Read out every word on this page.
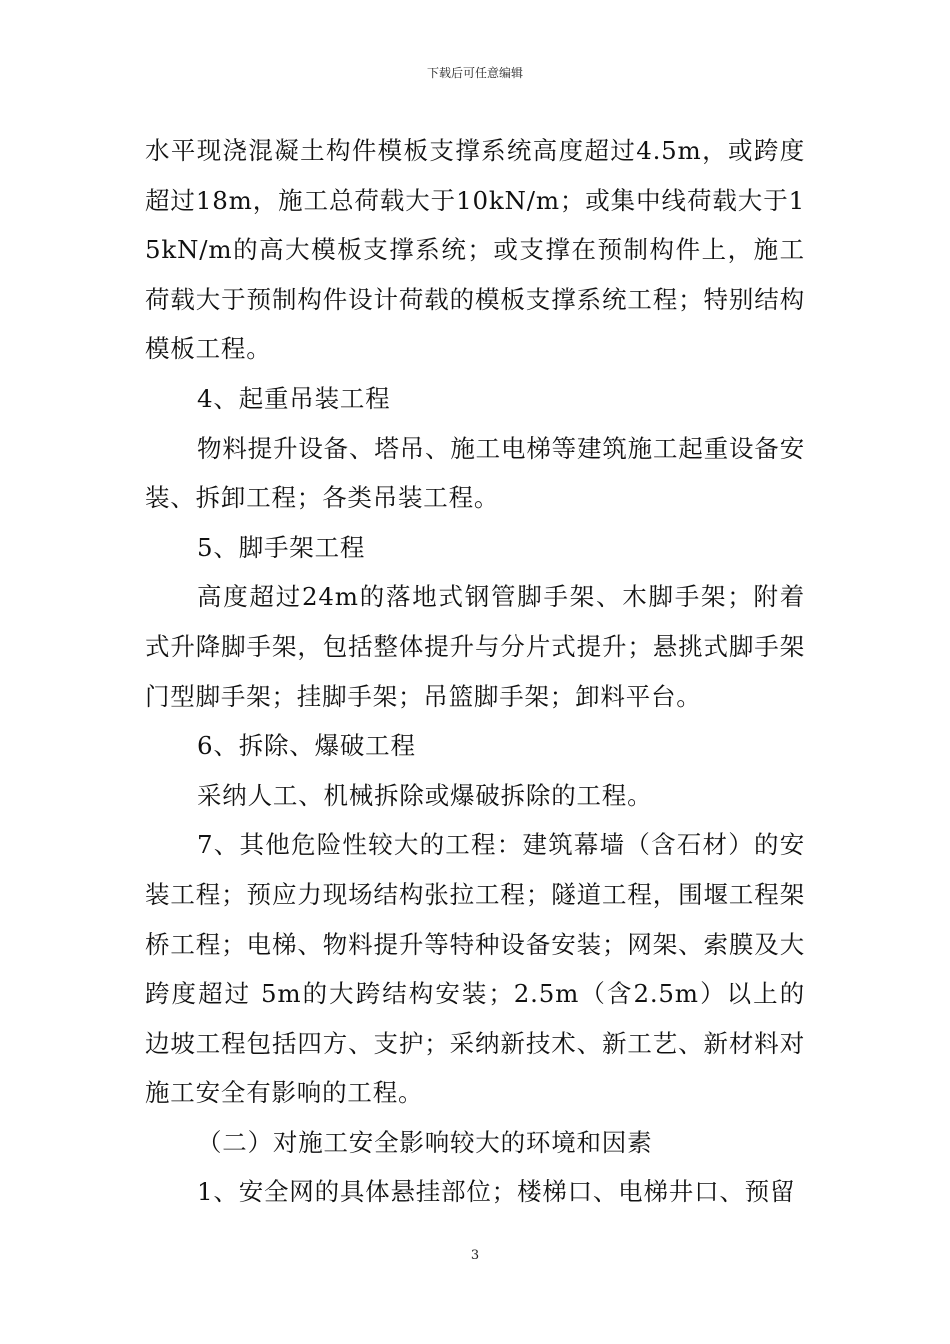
下载后可任意编辑

水平现浇混凝土构件模板支撑系统高度超过4.5m，或跨度超过18m，施工总荷载大于10kN/m；或集中线荷载大于15kN/m的高大模板支撑系统；或支撑在预制构件上，施工荷载大于预制构件设计荷载的模板支撑系统工程；特别结构模板工程。

4、起重吊装工程

物料提升设备、塔吊、施工电梯等建筑施工起重设备安装、拆卸工程；各类吊装工程。

5、脚手架工程

高度超过24m的落地式钢管脚手架、木脚手架；附着式升降脚手架，包括整体提升与分片式提升；悬挑式脚手架门型脚手架；挂脚手架；吊篮脚手架；卸料平台。

6、拆除、爆破工程

采纳人工、机械拆除或爆破拆除的工程。

7、其他危险性较大的工程：建筑幕墙（含石材）的安装工程；预应力现场结构张拉工程；隧道工程，围堰工程架桥工程；电梯、物料提升等特种设备安装；网架、索膜及大跨度超过 5m的大跨结构安装；2.5m（含2.5m）以上的边坡工程包括四方、支护；采纳新技术、新工艺、新材料对施工安全有影响的工程。

（二）对施工安全影响较大的环境和因素

1、安全网的具体悬挂部位；楼梯口、电梯井口、预留

3
